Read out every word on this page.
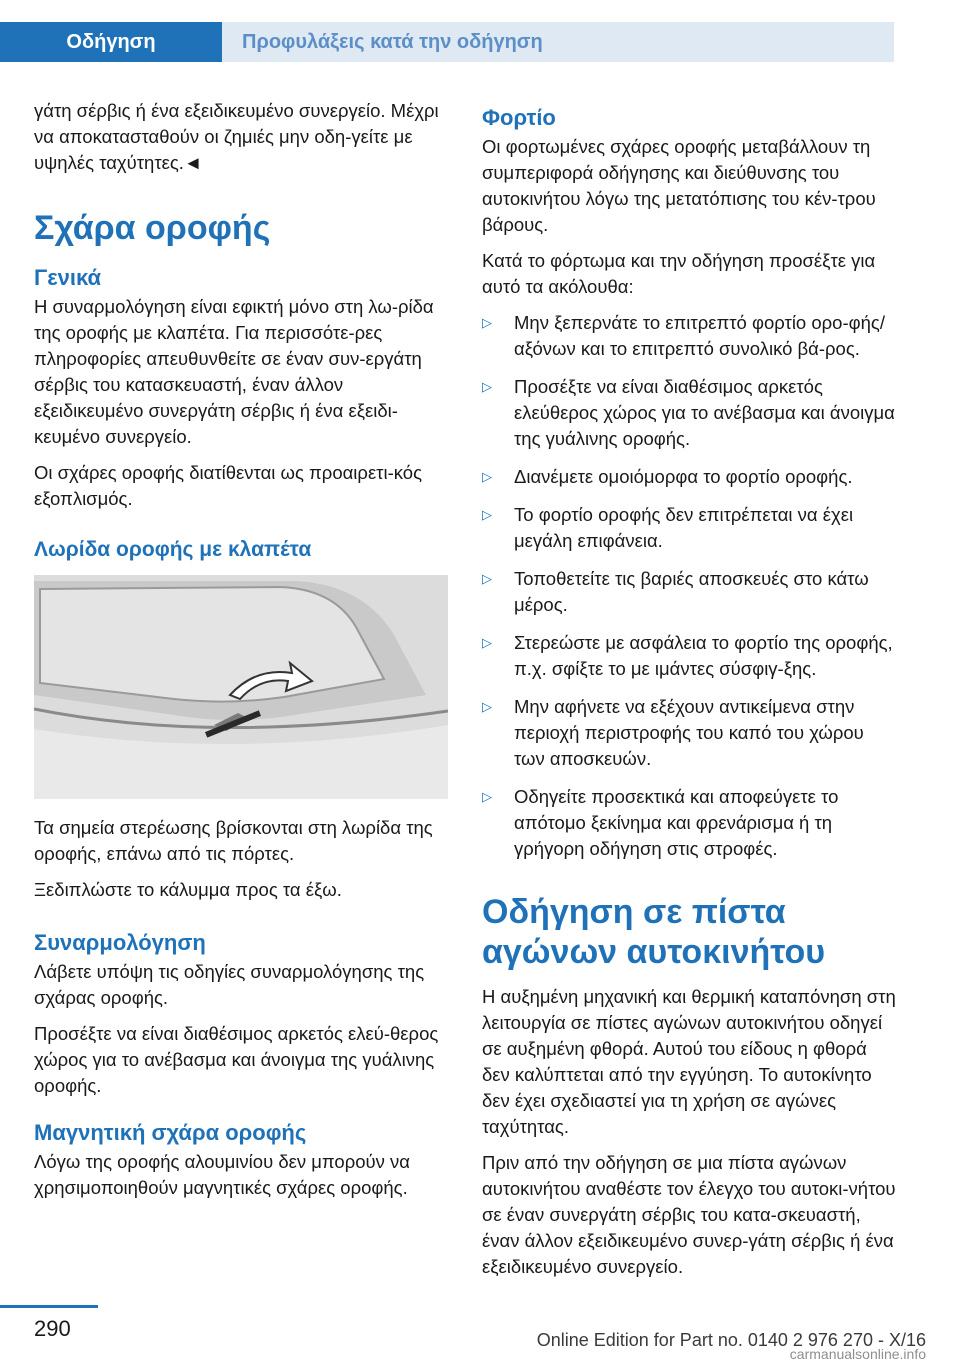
Οδήγηση	Προφυλάξεις κατά την οδήγηση

γάτη σέρβις ή ένα εξειδικευμένο συνεργείο. Μέχρι να αποκατασταθούν οι ζημιές μην οδη‐γείτε με υψηλές ταχύτητες.◄

Σχάρα οροφής
Γενικά

Η συναρμολόγηση είναι εφικτή μόνο στη λω‐ρίδα της οροφής με κλαπέτα. Για περισσότε‐ρες πληροφορίες απευθυνθείτε σε έναν συν‐εργάτη σέρβις του κατασκευαστή, έναν άλλον εξειδικευμένο συνεργάτη σέρβις ή ένα εξειδι‐κευμένο συνεργείο.

Οι σχάρες οροφής διατίθενται ως προαιρετι‐κός εξοπλισμός.

Λωρίδα οροφής με κλαπέτα

Τα σημεία στερέωσης βρίσκονται στη λωρίδα της οροφής, επάνω από τις πόρτες.

Ξεδιπλώστε το κάλυμμα προς τα έξω.

Συναρμολόγηση

Λάβετε υπόψη τις οδηγίες συναρμολόγησης της σχάρας οροφής.

Προσέξτε να είναι διαθέσιμος αρκετός ελεύ‐θερος χώρος για το ανέβασμα και άνοιγμα της γυάλινης οροφής.

Μαγνητική σχάρα οροφής

Λόγω της οροφής αλουμινίου δεν μπορούν να χρησιμοποιηθούν μαγνητικές σχάρες οροφής.

Φορτίο

Οι φορτωμένες σχάρες οροφής μεταβάλλουν τη συμπεριφορά οδήγησης και διεύθυνσης του αυτοκινήτου λόγω της μετατόπισης του κέν‐τρου βάρους.

Κατά το φόρτωμα και την οδήγηση προσέξτε για αυτό τα ακόλουθα:

▷ Μην ξεπερνάτε το επιτρεπτό φορτίο ορο‐φής/αξόνων και το επιτρεπτό συνολικό βά‐ρος.
▷ Προσέξτε να είναι διαθέσιμος αρκετός ελεύθερος χώρος για το ανέβασμα και άνοιγμα της γυάλινης οροφής.
▷ Διανέμετε ομοιόμορφα το φορτίο οροφής.
▷ Το φορτίο οροφής δεν επιτρέπεται να έχει μεγάλη επιφάνεια.
▷ Τοποθετείτε τις βαριές αποσκευές στο κάτω μέρος.
▷ Στερεώστε με ασφάλεια το φορτίο της οροφής, π.χ. σφίξτε το με ιμάντες σύσφιγ‐ξης.
▷ Μην αφήνετε να εξέχουν αντικείμενα στην περιοχή περιστροφής του καπό του χώρου των αποσκευών.
▷ Οδηγείτε προσεκτικά και αποφεύγετε το απότομο ξεκίνημα και φρενάρισμα ή τη γρήγορη οδήγηση στις στροφές.
Οδήγηση σε πίστα αγώνων αυτοκινήτου

Η αυξημένη μηχανική και θερμική καταπόνηση στη λειτουργία σε πίστες αγώνων αυτοκινήτου οδηγεί σε αυξημένη φθορά. Αυτού του είδους η φθορά δεν καλύπτεται από την εγγύηση. Το αυτοκίνητο δεν έχει σχεδιαστεί για τη χρήση σε αγώνες ταχύτητας.

Πριν από την οδήγηση σε μια πίστα αγώνων αυτοκινήτου αναθέστε τον έλεγχο του αυτοκι‐νήτου σε έναν συνεργάτη σέρβις του κατα‐σκευαστή, έναν άλλον εξειδικευμένο συνερ‐γάτη σέρβις ή ένα εξειδικευμένο συνεργείο.

290	Online Edition for Part no. 0140 2 976 270 - X/16
carmanualsonline.info
